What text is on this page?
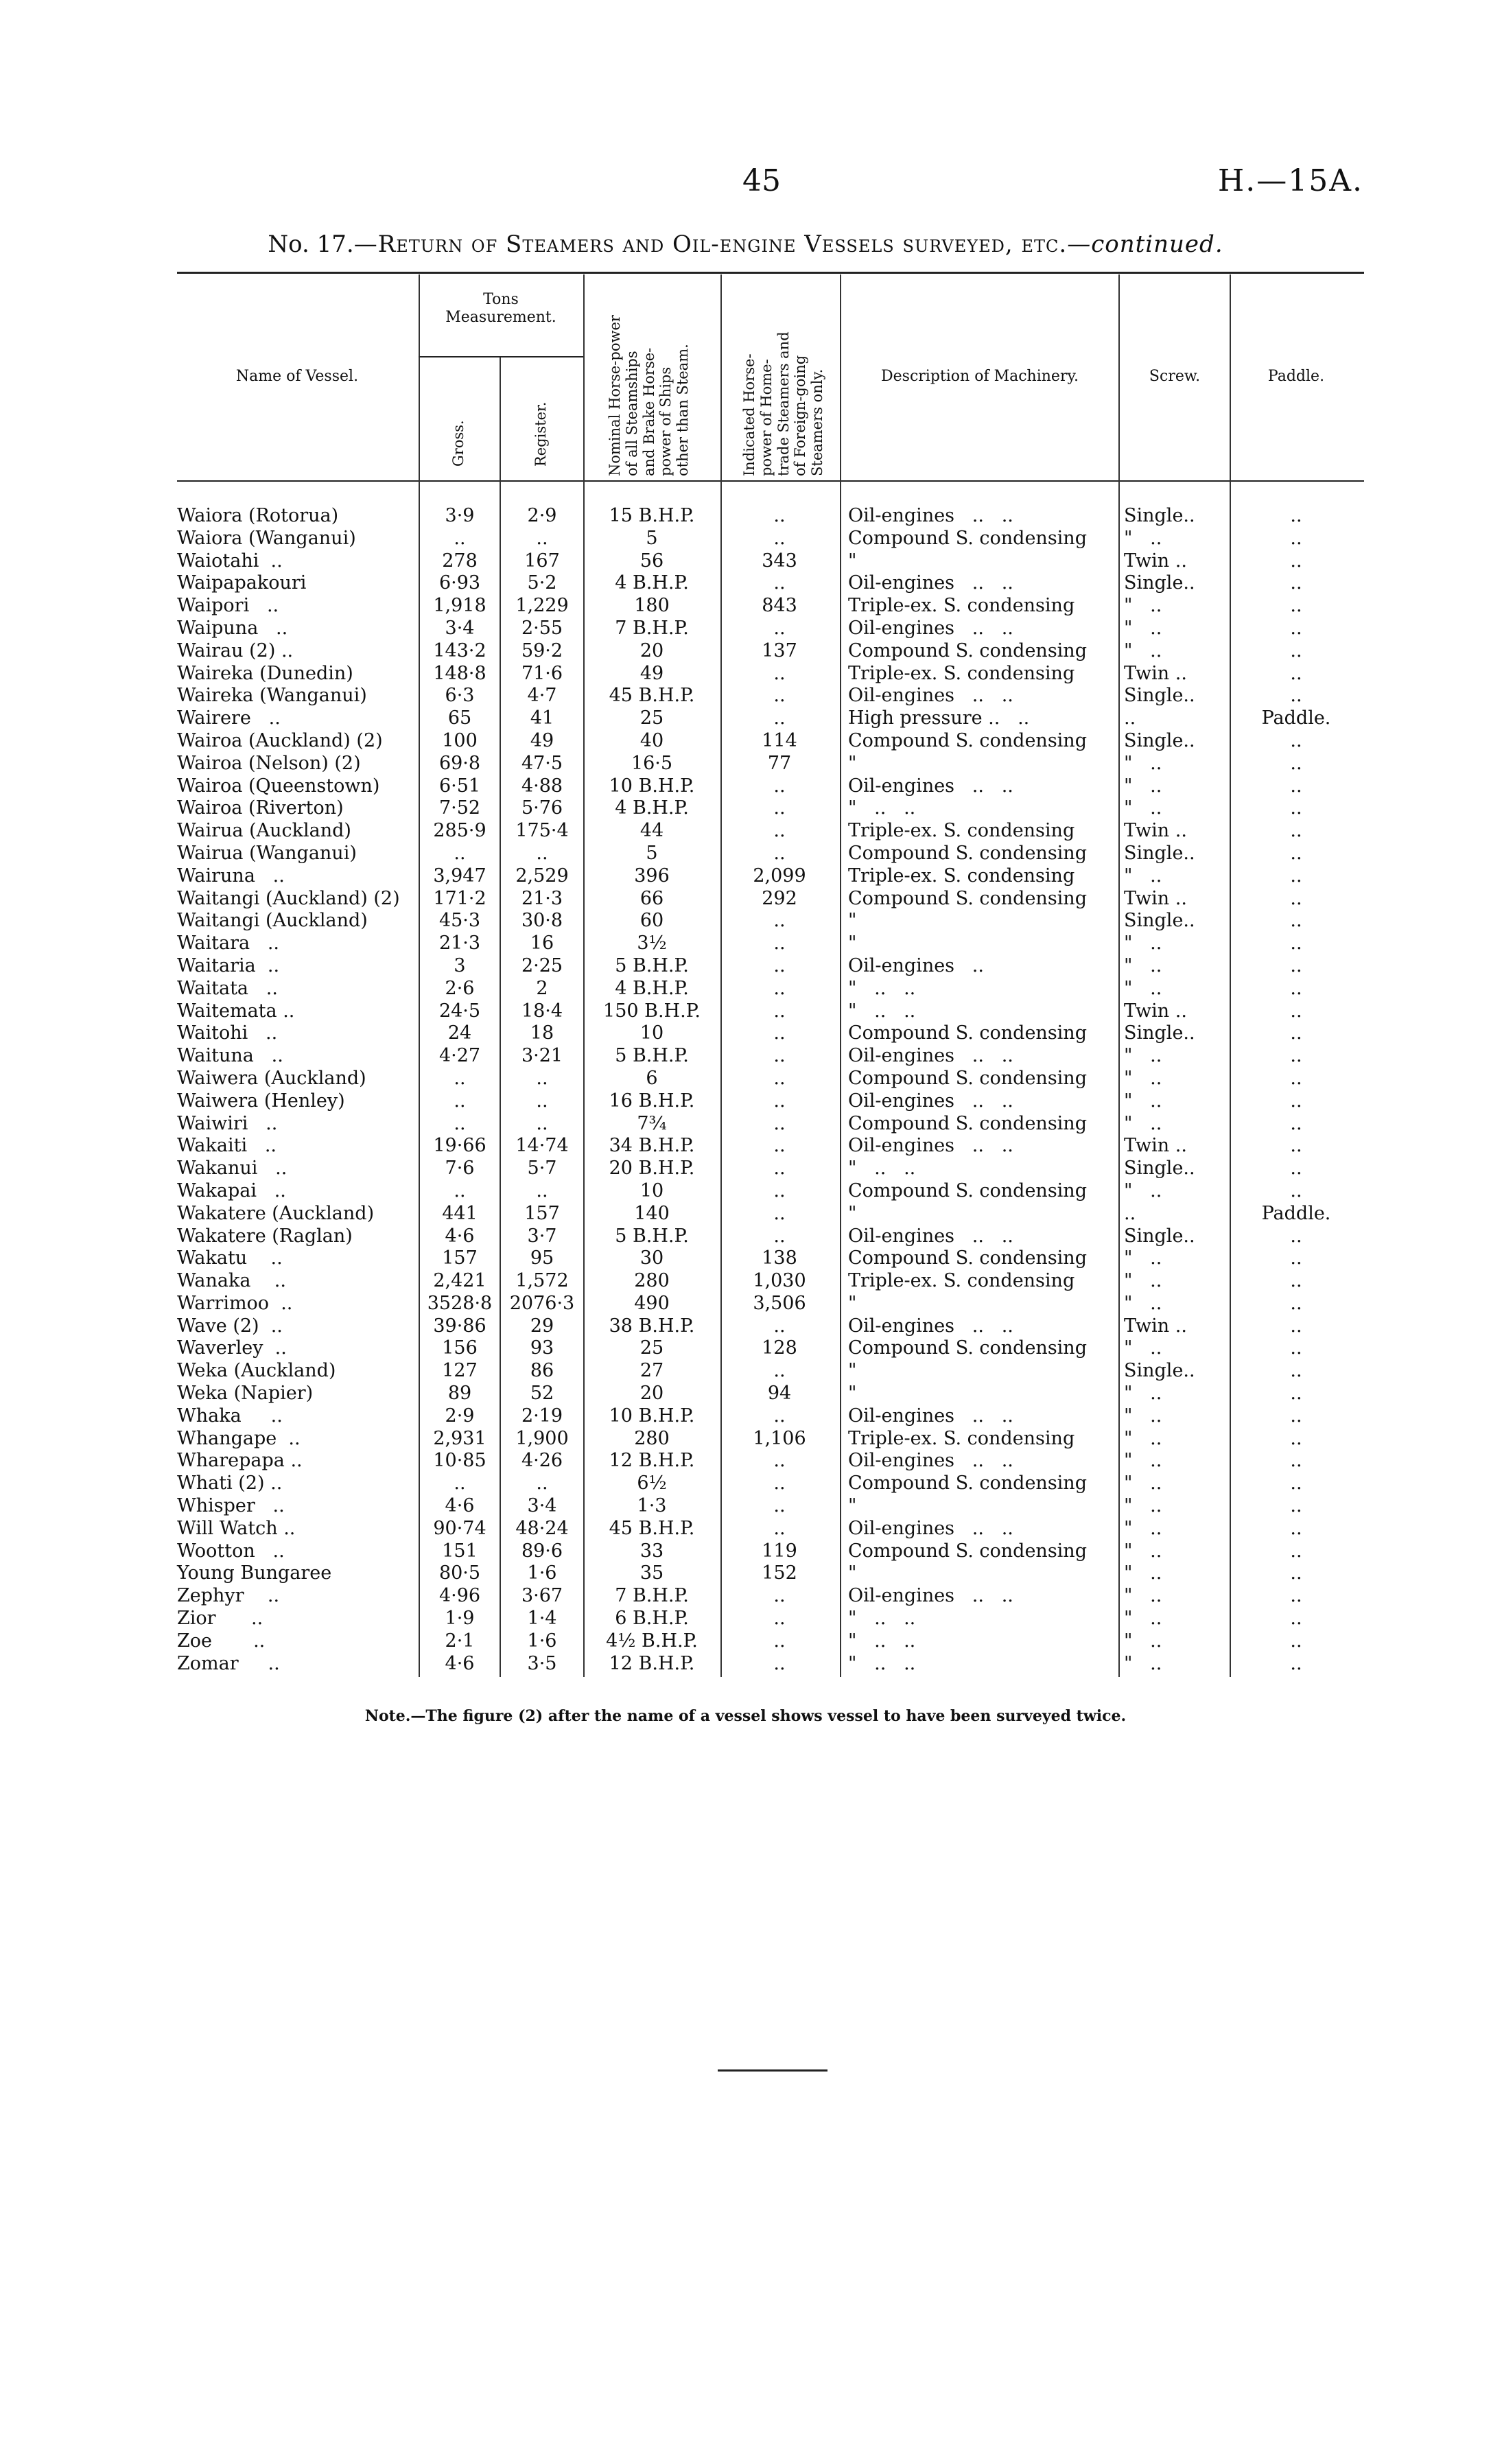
45	H.—15A.
No. 17.—Return of Steamers and Oil-engine Vessels surveyed, etc.—continued.
Name of Vessel.
Tons Measurement.
Gross.	Register.	Nominal Horse-power of all Steamships and Brake Horse- power of Ships other than Steam.	Indicated Horse- power of Home- trade Steamers and of Foreign-going Steamers only.	Description of Machinery.	Screw.	Paddle.
Waiora (Rotorua)	3·9	2·9	15 B.H.P.	..	Oil-engines   ..   ..	Single..	..
Waiora (Wanganui)	..	..	5	..	Compound S. condensing	"   ..	..
Waiotahi  ..	278	167	56	343	"	Twin ..	..
Waipapakouri	6·93	5·2	4 B.H.P.	..	Oil-engines   ..   ..	Single..	..
Waipori   ..	1,918	1,229	180	843	Triple-ex. S. condensing	"   ..	..
Waipuna   ..	3·4	2·55	7 B.H.P.	..	Oil-engines   ..   ..	"   ..	..
Wairau (2) ..	143·2	59·2	20	137	Compound S. condensing	"   ..	..
Waireka (Dunedin)	148·8	71·6	49	..	Triple-ex. S. condensing	Twin ..	..
Waireka (Wanganui)	6·3	4·7	45 B.H.P.	..	Oil-engines   ..   ..	Single..	..
Wairere   ..	65	41	25	..	High pressure ..   ..	..	Paddle.
Wairoa (Auckland) (2)	100	49	40	114	Compound S. condensing	Single..	..
Wairoa (Nelson) (2)	69·8	47·5	16·5	77	"	"   ..	..
Wairoa (Queenstown)	6·51	4·88	10 B.H.P.	..	Oil-engines   ..   ..	"   ..	..
Wairoa (Riverton)	7·52	5·76	4 B.H.P.	..	"   ..   ..	"   ..	..
Wairua (Auckland)	285·9	175·4	44	..	Triple-ex. S. condensing	Twin ..	..
Wairua (Wanganui)	..	..	5	..	Compound S. condensing	Single..	..
Wairuna   ..	3,947	2,529	396	2,099	Triple-ex. S. condensing	"   ..	..
Waitangi (Auckland) (2)	171·2	21·3	66	292	Compound S. condensing	Twin ..	..
Waitangi (Auckland)	45·3	30·8	60	..	"	Single..	..
Waitara   ..	21·3	16	3½	..	"	"   ..	..
Waitaria  ..	3	2·25	5 B.H.P.	..	Oil-engines   ..	"   ..	..
Waitata   ..	2·6	2	4 B.H.P.	..	"   ..   ..	"   ..	..
Waitemata ..	24·5	18·4	150 B.H.P.	..	"   ..   ..	Twin ..	..
Waitohi   ..	24	18	10	..	Compound S. condensing	Single..	..
Waituna   ..	4·27	3·21	5 B.H.P.	..	Oil-engines   ..   ..	"   ..	..
Waiwera (Auckland)	..	..	6	..	Compound S. condensing	"   ..	..
Waiwera (Henley)	..	..	16 B.H.P.	..	Oil-engines   ..   ..	"   ..	..
Waiwiri   ..	..	..	7¾	..	Compound S. condensing	"   ..	..
Wakaiti   ..	19·66	14·74	34 B.H.P.	..	Oil-engines   ..   ..	Twin ..	..
Wakanui   ..	7·6	5·7	20 B.H.P.	..	"   ..   ..	Single..	..
Wakapai   ..	..	..	10	..	Compound S. condensing	"   ..	..
Wakatere (Auckland)	441	157	140	..	"	..	Paddle.
Wakatere (Raglan)	4·6	3·7	5 B.H.P.	..	Oil-engines   ..   ..	Single..	..
Wakatu    ..	157	95	30	138	Compound S. condensing	"   ..	..
Wanaka    ..	2,421	1,572	280	1,030	Triple-ex. S. condensing	"   ..	..
Warrimoo  ..	3528·8 2076·3	490	3,506	"	"   ..	..
Wave (2)  ..	39·86	29	38 B.H.P.	..	Oil-engines   ..   ..	Twin ..	..
Waverley  ..	156	93	25	128	Compound S. condensing	"   ..	..
Weka (Auckland)	127	86	27	..	"	Single..	..
Weka (Napier)	89	52	20	94	"	"   ..	..
Whaka     ..	2·9	2·19	10 B.H.P.	..	Oil-engines   ..   ..	"   ..	..
Whangape  ..	2,931	1,900	280	1,106	Triple-ex. S. condensing	"   ..	..
Wharepapa ..	10·85	4·26	12 B.H.P.	..	Oil-engines   ..   ..	"   ..	..
Whati (2) ..	..	..	6½	..	Compound S. condensing	"   ..	..
Whisper   ..	4·6	3·4	1·3	..	"	"   ..	..
Will Watch ..	90·74	48·24	45 B.H.P.	..	Oil-engines   ..   ..	"   ..	..
Wootton   ..	151	89·6	33	119	Compound S. condensing	"   ..	..
Young Bungaree	80·5	1·6	35	152	"	"   ..	..
Zephyr    ..	4·96	3·67	7 B.H.P.	..	Oil-engines   ..   ..	"   ..	..
Zior      ..	1·9	1·4	6 B.H.P.	..	"   ..   ..	"   ..	..
Zoe       ..	2·1	1·6	4½ B.H.P.	..	"   ..   ..	"   ..	..
Zomar     ..	4·6	3·5	12 B.H.P.	..	"   ..   ..	"   ..	..
Note.—The figure (2) after the name of a vessel shows vessel to have been surveyed twice.
